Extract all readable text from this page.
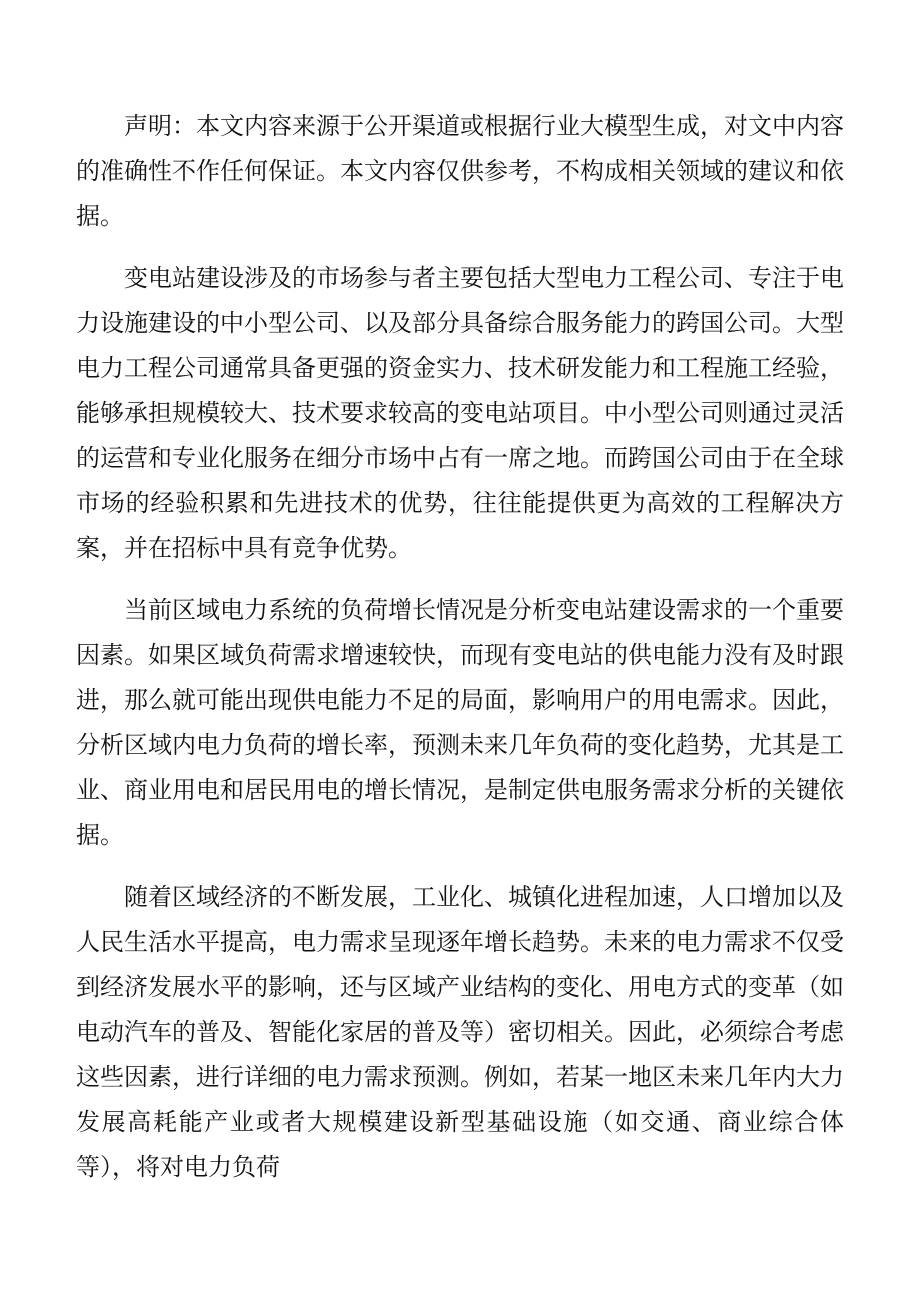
声明：本文内容来源于公开渠道或根据行业大模型生成，对文中内容的准确性不作任何保证。本文内容仅供参考，不构成相关领域的建议和依据。

变电站建设涉及的市场参与者主要包括大型电力工程公司、专注于电力设施建设的中小型公司、以及部分具备综合服务能力的跨国公司。大型电力工程公司通常具备更强的资金实力、技术研发能力和工程施工经验，能够承担规模较大、技术要求较高的变电站项目。中小型公司则通过灵活的运营和专业化服务在细分市场中占有一席之地。而跨国公司由于在全球市场的经验积累和先进技术的优势，往往能提供更为高效的工程解决方案，并在招标中具有竞争优势。

当前区域电力系统的负荷增长情况是分析变电站建设需求的一个重要因素。如果区域负荷需求增速较快，而现有变电站的供电能力没有及时跟进，那么就可能出现供电能力不足的局面，影响用户的用电需求。因此，分析区域内电力负荷的增长率，预测未来几年负荷的变化趋势，尤其是工业、商业用电和居民用电的增长情况，是制定供电服务需求分析的关键依据。

随着区域经济的不断发展，工业化、城镇化进程加速，人口增加以及人民生活水平提高，电力需求呈现逐年增长趋势。未来的电力需求不仅受到经济发展水平的影响，还与区域产业结构的变化、用电方式的变革（如电动汽车的普及、智能化家居的普及等）密切相关。因此，必须综合考虑这些因素，进行详细的电力需求预测。例如，若某一地区未来几年内大力发展高耗能产业或者大规模建设新型基础设施（如交通、商业综合体等），将对电力负荷
